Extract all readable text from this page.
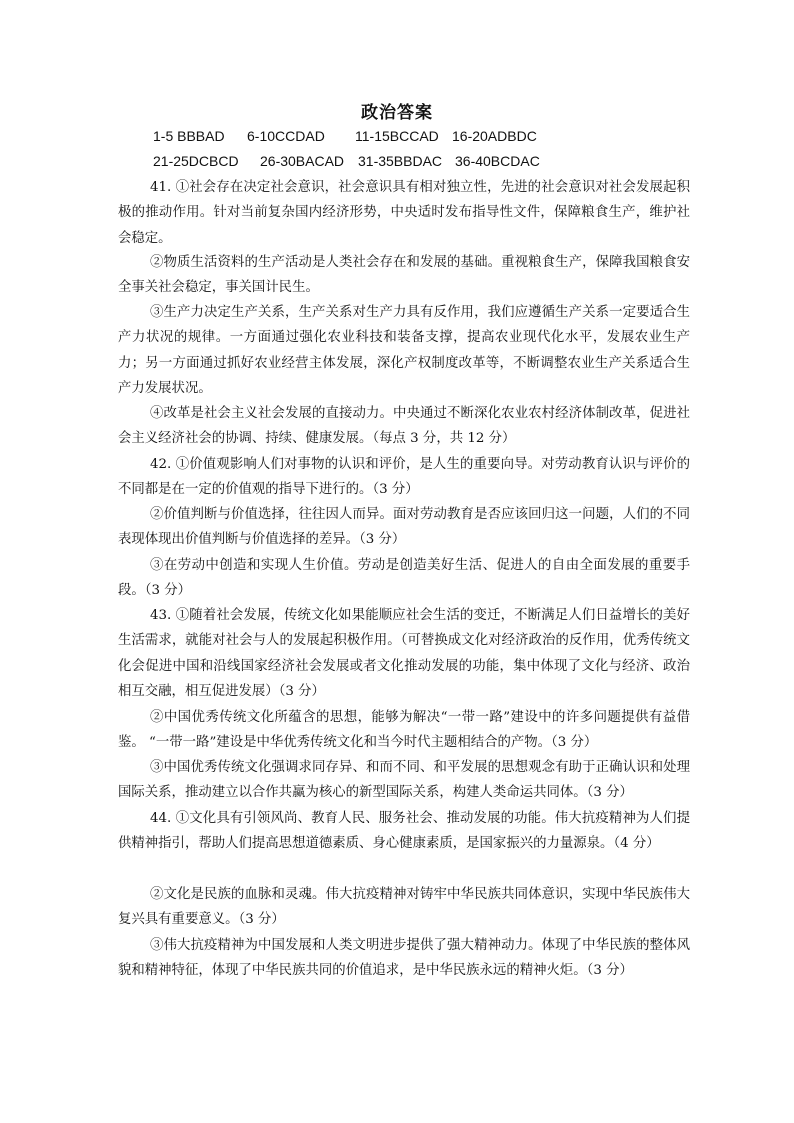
政治答案
1-5 BBBAD 6-10CCDAD 11-15BCCAD 16-20ADBDC
21-25DCBCD 26-30BACAD 31-35BBDAC 36-40BCDAC
41. ①社会存在决定社会意识，社会意识具有相对独立性，先进的社会意识对社会发展起积极的推动作用。针对当前复杂国内经济形势，中央适时发布指导性文件，保障粮食生产，维护社会稳定。
②物质生活资料的生产活动是人类社会存在和发展的基础。重视粮食生产，保障我国粮食安全事关社会稳定，事关国计民生。
③生产力决定生产关系，生产关系对生产力具有反作用，我们应遵循生产关系一定要适合生产力状况的规律。一方面通过强化农业科技和装备支撑，提高农业现代化水平，发展农业生产力；另一方面通过抓好农业经营主体发展，深化产权制度改革等，不断调整农业生产关系适合生产力发展状况。
④改革是社会主义社会发展的直接动力。中央通过不断深化农业农村经济体制改革，促进社会主义经济社会的协调、持续、健康发展。（每点 3 分，共 12 分）
42. ①价值观影响人们对事物的认识和评价，是人生的重要向导。对劳动教育认识与评价的不同都是在一定的价值观的指导下进行的。（3 分）
②价值判断与价值选择，往往因人而异。面对劳动教育是否应该回归这一问题，人们的不同表现体现出价值判断与价值选择的差异。（3 分）
③在劳动中创造和实现人生价值。劳动是创造美好生活、促进人的自由全面发展的重要手段。（3 分）
43. ①随着社会发展，传统文化如果能顺应社会生活的变迁，不断满足人们日益增长的美好生活需求，就能对社会与人的发展起积极作用。（可替换成文化对经济政治的反作用，优秀传统文化会促进中国和沿线国家经济社会发展或者文化推动发展的功能，集中体现了文化与经济、政治相互交融，相互促进发展）（3 分）
②中国优秀传统文化所蕴含的思想，能够为解决“一带一路”建设中的许多问题提供有益借鉴。 “一带一路”建设是中华优秀传统文化和当今时代主题相结合的产物。（3 分）
③中国优秀传统文化强调求同存异、和而不同、和平发展的思想观念有助于正确认识和处理国际关系，推动建立以合作共赢为核心的新型国际关系，构建人类命运共同体。（3 分）
44. ①文化具有引领风尚、教育人民、服务社会、推动发展的功能。伟大抗疫精神为人们提供精神指引，帮助人们提高思想道德素质、身心健康素质，是国家振兴的力量源泉。（4 分）
②文化是民族的血脉和灵魂。伟大抗疫精神对铸牢中华民族共同体意识，实现中华民族伟大复兴具有重要意义。（3 分）
③伟大抗疫精神为中国发展和人类文明进步提供了强大精神动力。体现了中华民族的整体风貌和精神特征，体现了中华民族共同的价值追求，是中华民族永远的精神火炬。（3 分）
